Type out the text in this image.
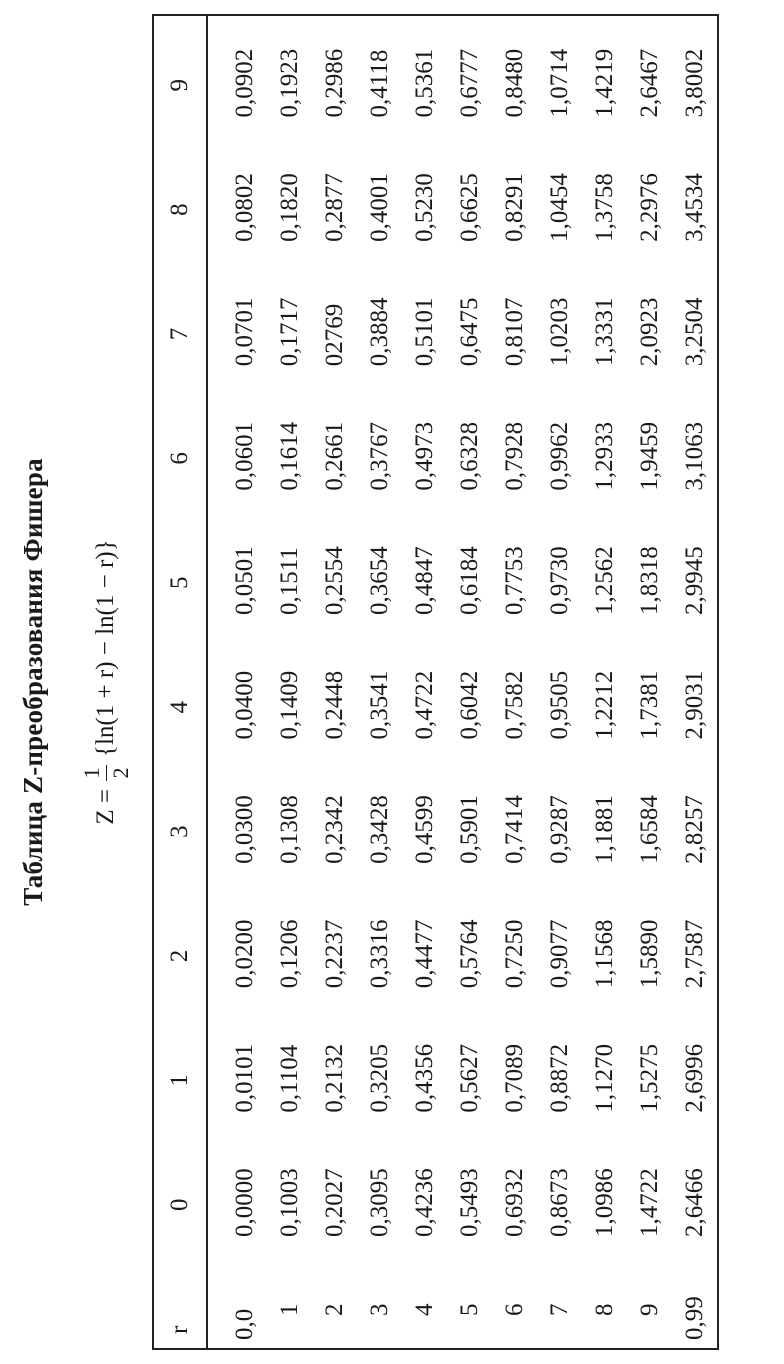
Таблица Z-преобразования Фишера Z =
1 2
{ln(1 + r) − ln(1 − r)}
r	0	1	2	3	4	5	6	7	8	9
0,0	0,0000	0,0101	0,0200	0,0300	0,0400	0,0501	0,0601	0,0701	0,0802	0,0902
1	0,1003	0,1104	0,1206	0,1308	0,1409	0,1511	0,1614	0,1717	0,1820	0,1923
2	0,2027	0,2132	0,2237	0,2342	0,2448	0,2554	0,2661	02769	0,2877	0,2986
3	0,3095	0,3205	0,3316	0,3428	0,3541	0,3654	0,3767	0,3884	0,4001	0,4118
4	0,4236	0,4356	0,4477	0,4599	0,4722	0,4847	0,4973	0,5101	0,5230	0,5361
5	0,5493	0,5627	0,5764	0,5901	0,6042	0,6184	0,6328	0,6475	0,6625	0,6777
6	0,6932	0,7089	0,7250	0,7414	0,7582	0,7753	0,7928	0,8107	0,8291	0,8480
7	0,8673	0,8872	0,9077	0,9287	0,9505	0,9730	0,9962	1,0203	1,0454	1,0714
8	1,0986	1,1270	1,1568	1,1881	1,2212	1,2562	1,2933	1,3331	1,3758	1,4219
9	1,4722	1,5275	1,5890	1,6584	1,7381	1,8318	1,9459	2,0923	2,2976	2,6467
0,99	2,6466	2,6996	2,7587	2,8257	2,9031	2,9945	3,1063	3,2504	3,4534	3,8002
